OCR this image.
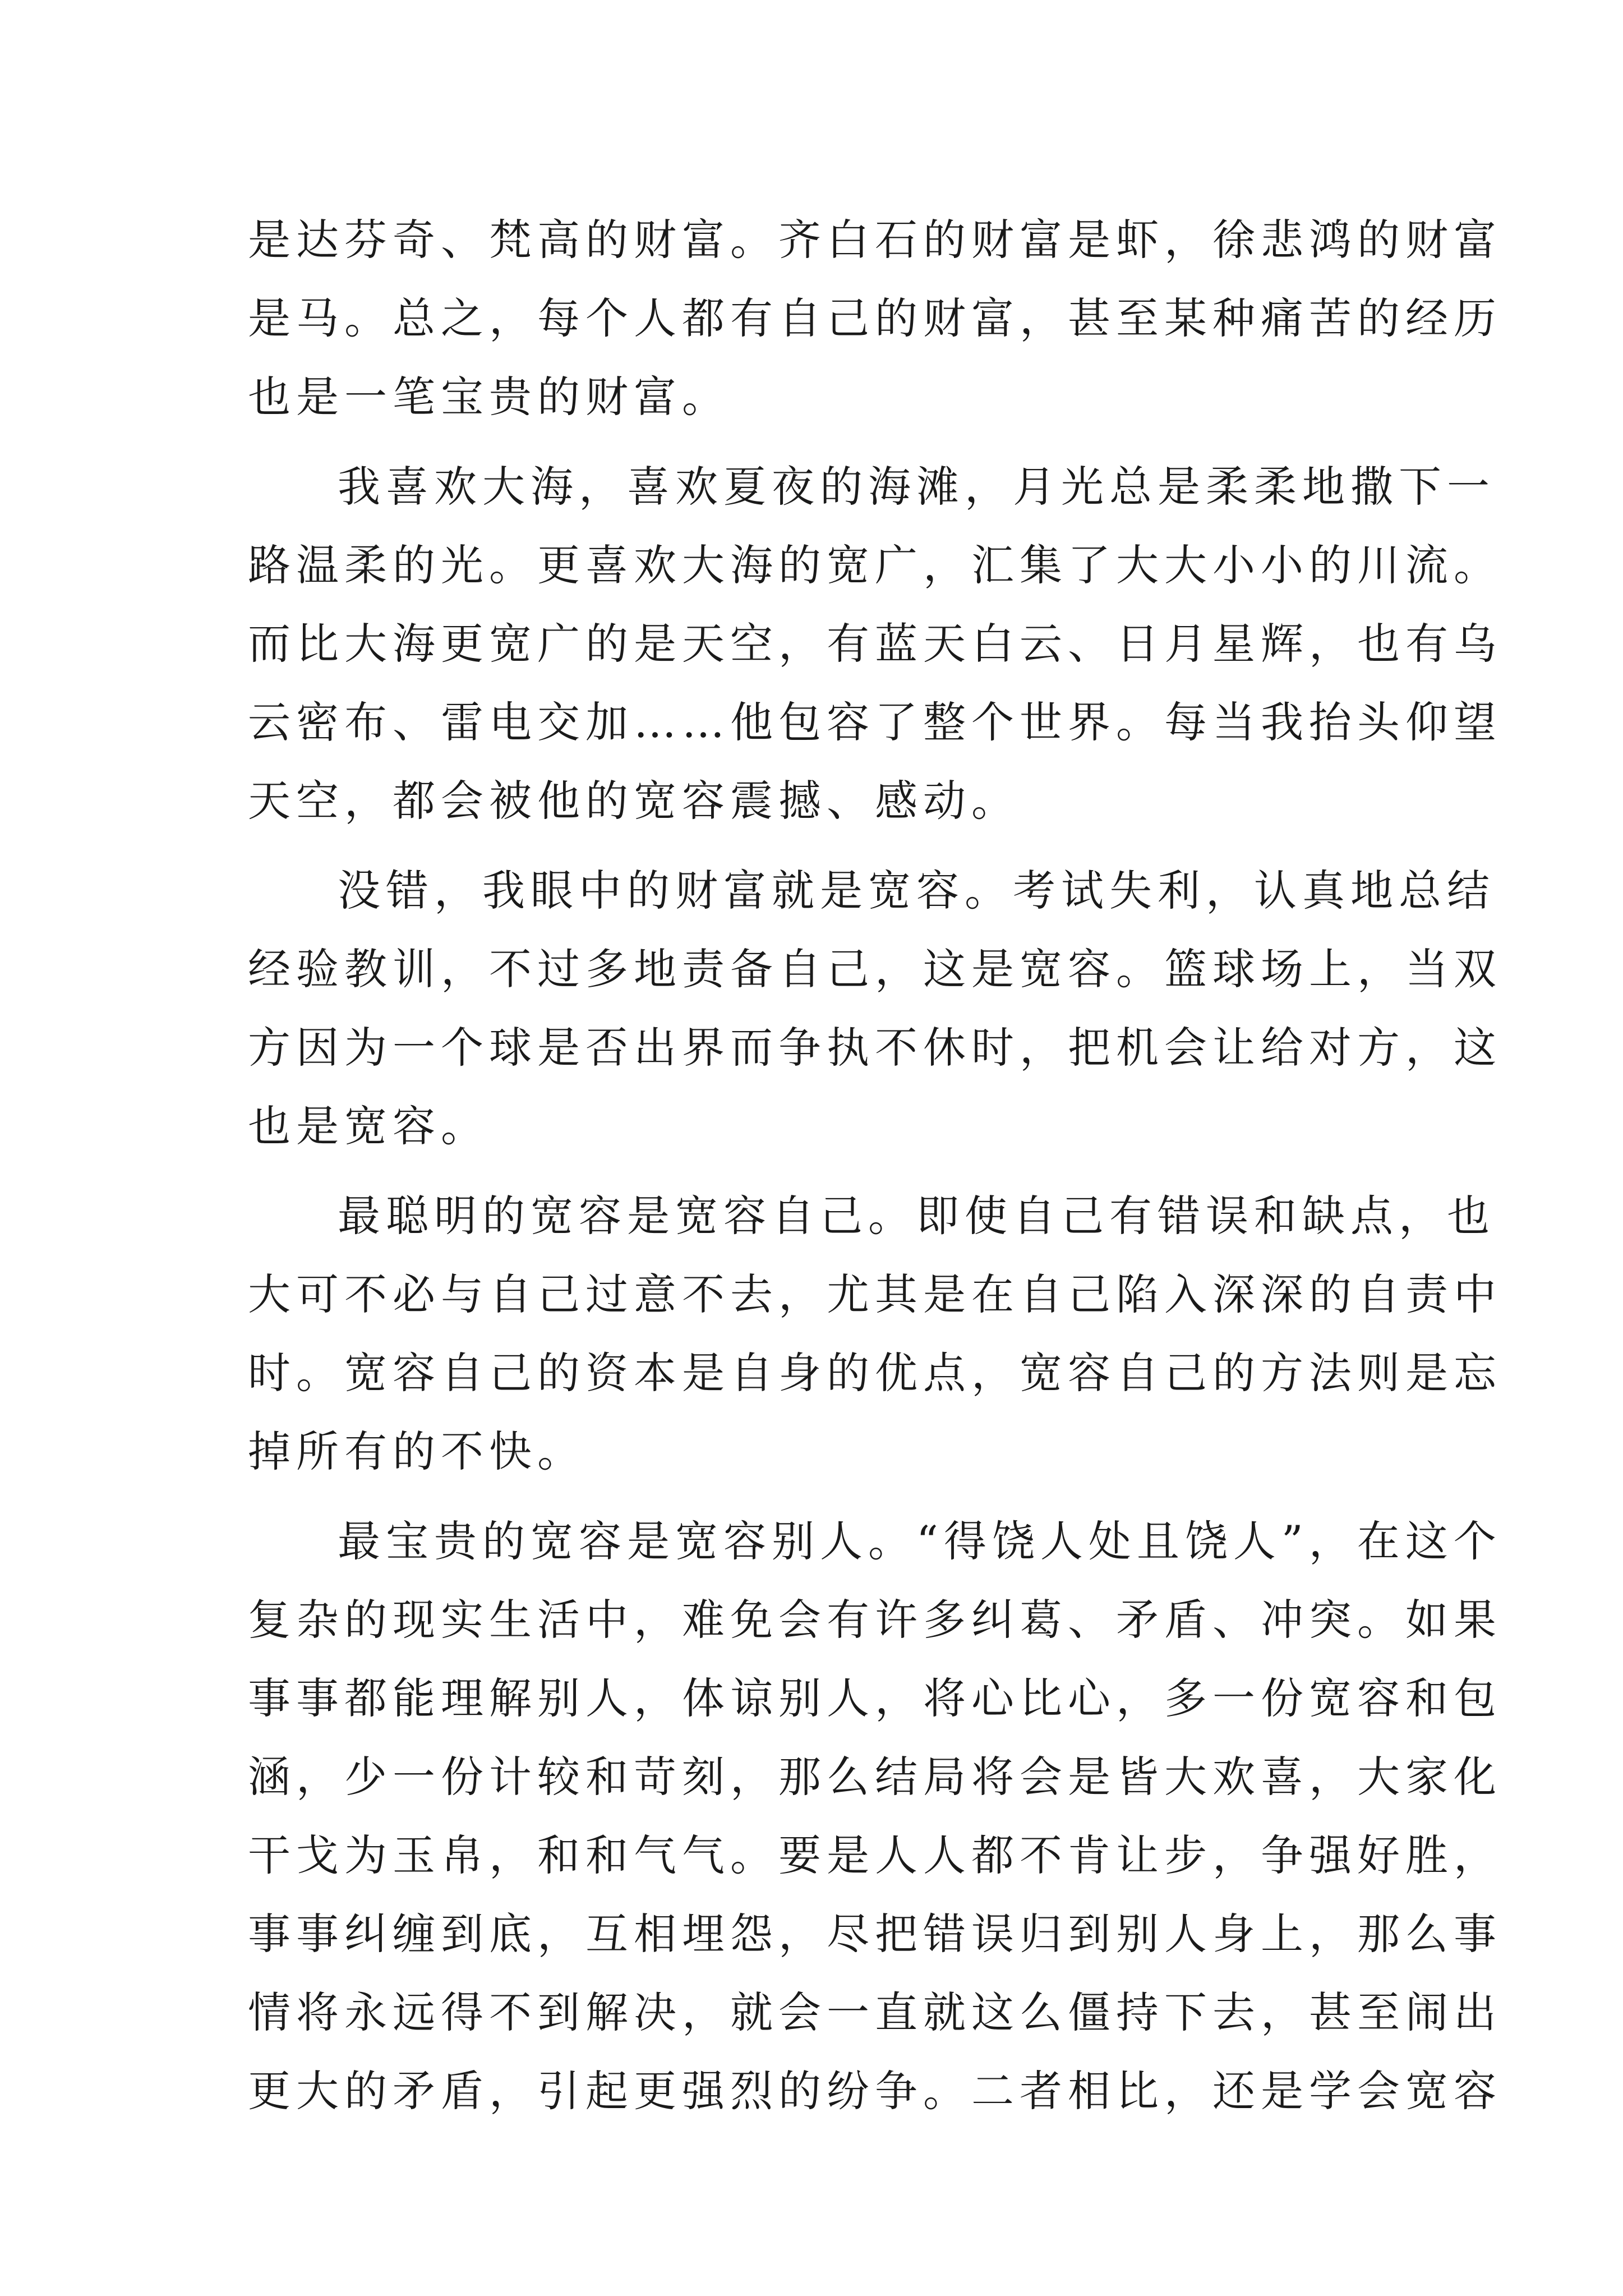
是达芬奇、梵高的财富。齐白石的财富是虾，徐悲鸿的财富
是马。总之，每个人都有自己的财富，甚至某种痛苦的经历
也是一笔宝贵的财富。
我喜欢大海，喜欢夏夜的海滩，月光总是柔柔地撒下一
路温柔的光。更喜欢大海的宽广，汇集了大大小小的川流。
而比大海更宽广的是天空，有蓝天白云、日月星辉，也有乌
云密布、雷电交加……他包容了整个世界。每当我抬头仰望
天空，都会被他的宽容震撼、感动。
没错，我眼中的财富就是宽容。考试失利，认真地总结
经验教训，不过多地责备自己，这是宽容。篮球场上，当双
方因为一个球是否出界而争执不休时，把机会让给对方，这
也是宽容。
最聪明的宽容是宽容自己。即使自己有错误和缺点，也
大可不必与自己过意不去，尤其是在自己陷入深深的自责中
时。宽容自己的资本是自身的优点，宽容自己的方法则是忘
掉所有的不快。
最宝贵的宽容是宽容别人。“得饶人处且饶人”，在这个
复杂的现实生活中，难免会有许多纠葛、矛盾、冲突。如果
事事都能理解别人，体谅别人，将心比心，多一份宽容和包
涵，少一份计较和苛刻，那么结局将会是皆大欢喜，大家化
干戈为玉帛，和和气气。要是人人都不肯让步，争强好胜，
事事纠缠到底，互相埋怨，尽把错误归到别人身上，那么事
情将永远得不到解决，就会一直就这么僵持下去，甚至闹出
更大的矛盾，引起更强烈的纷争。二者相比，还是学会宽容
